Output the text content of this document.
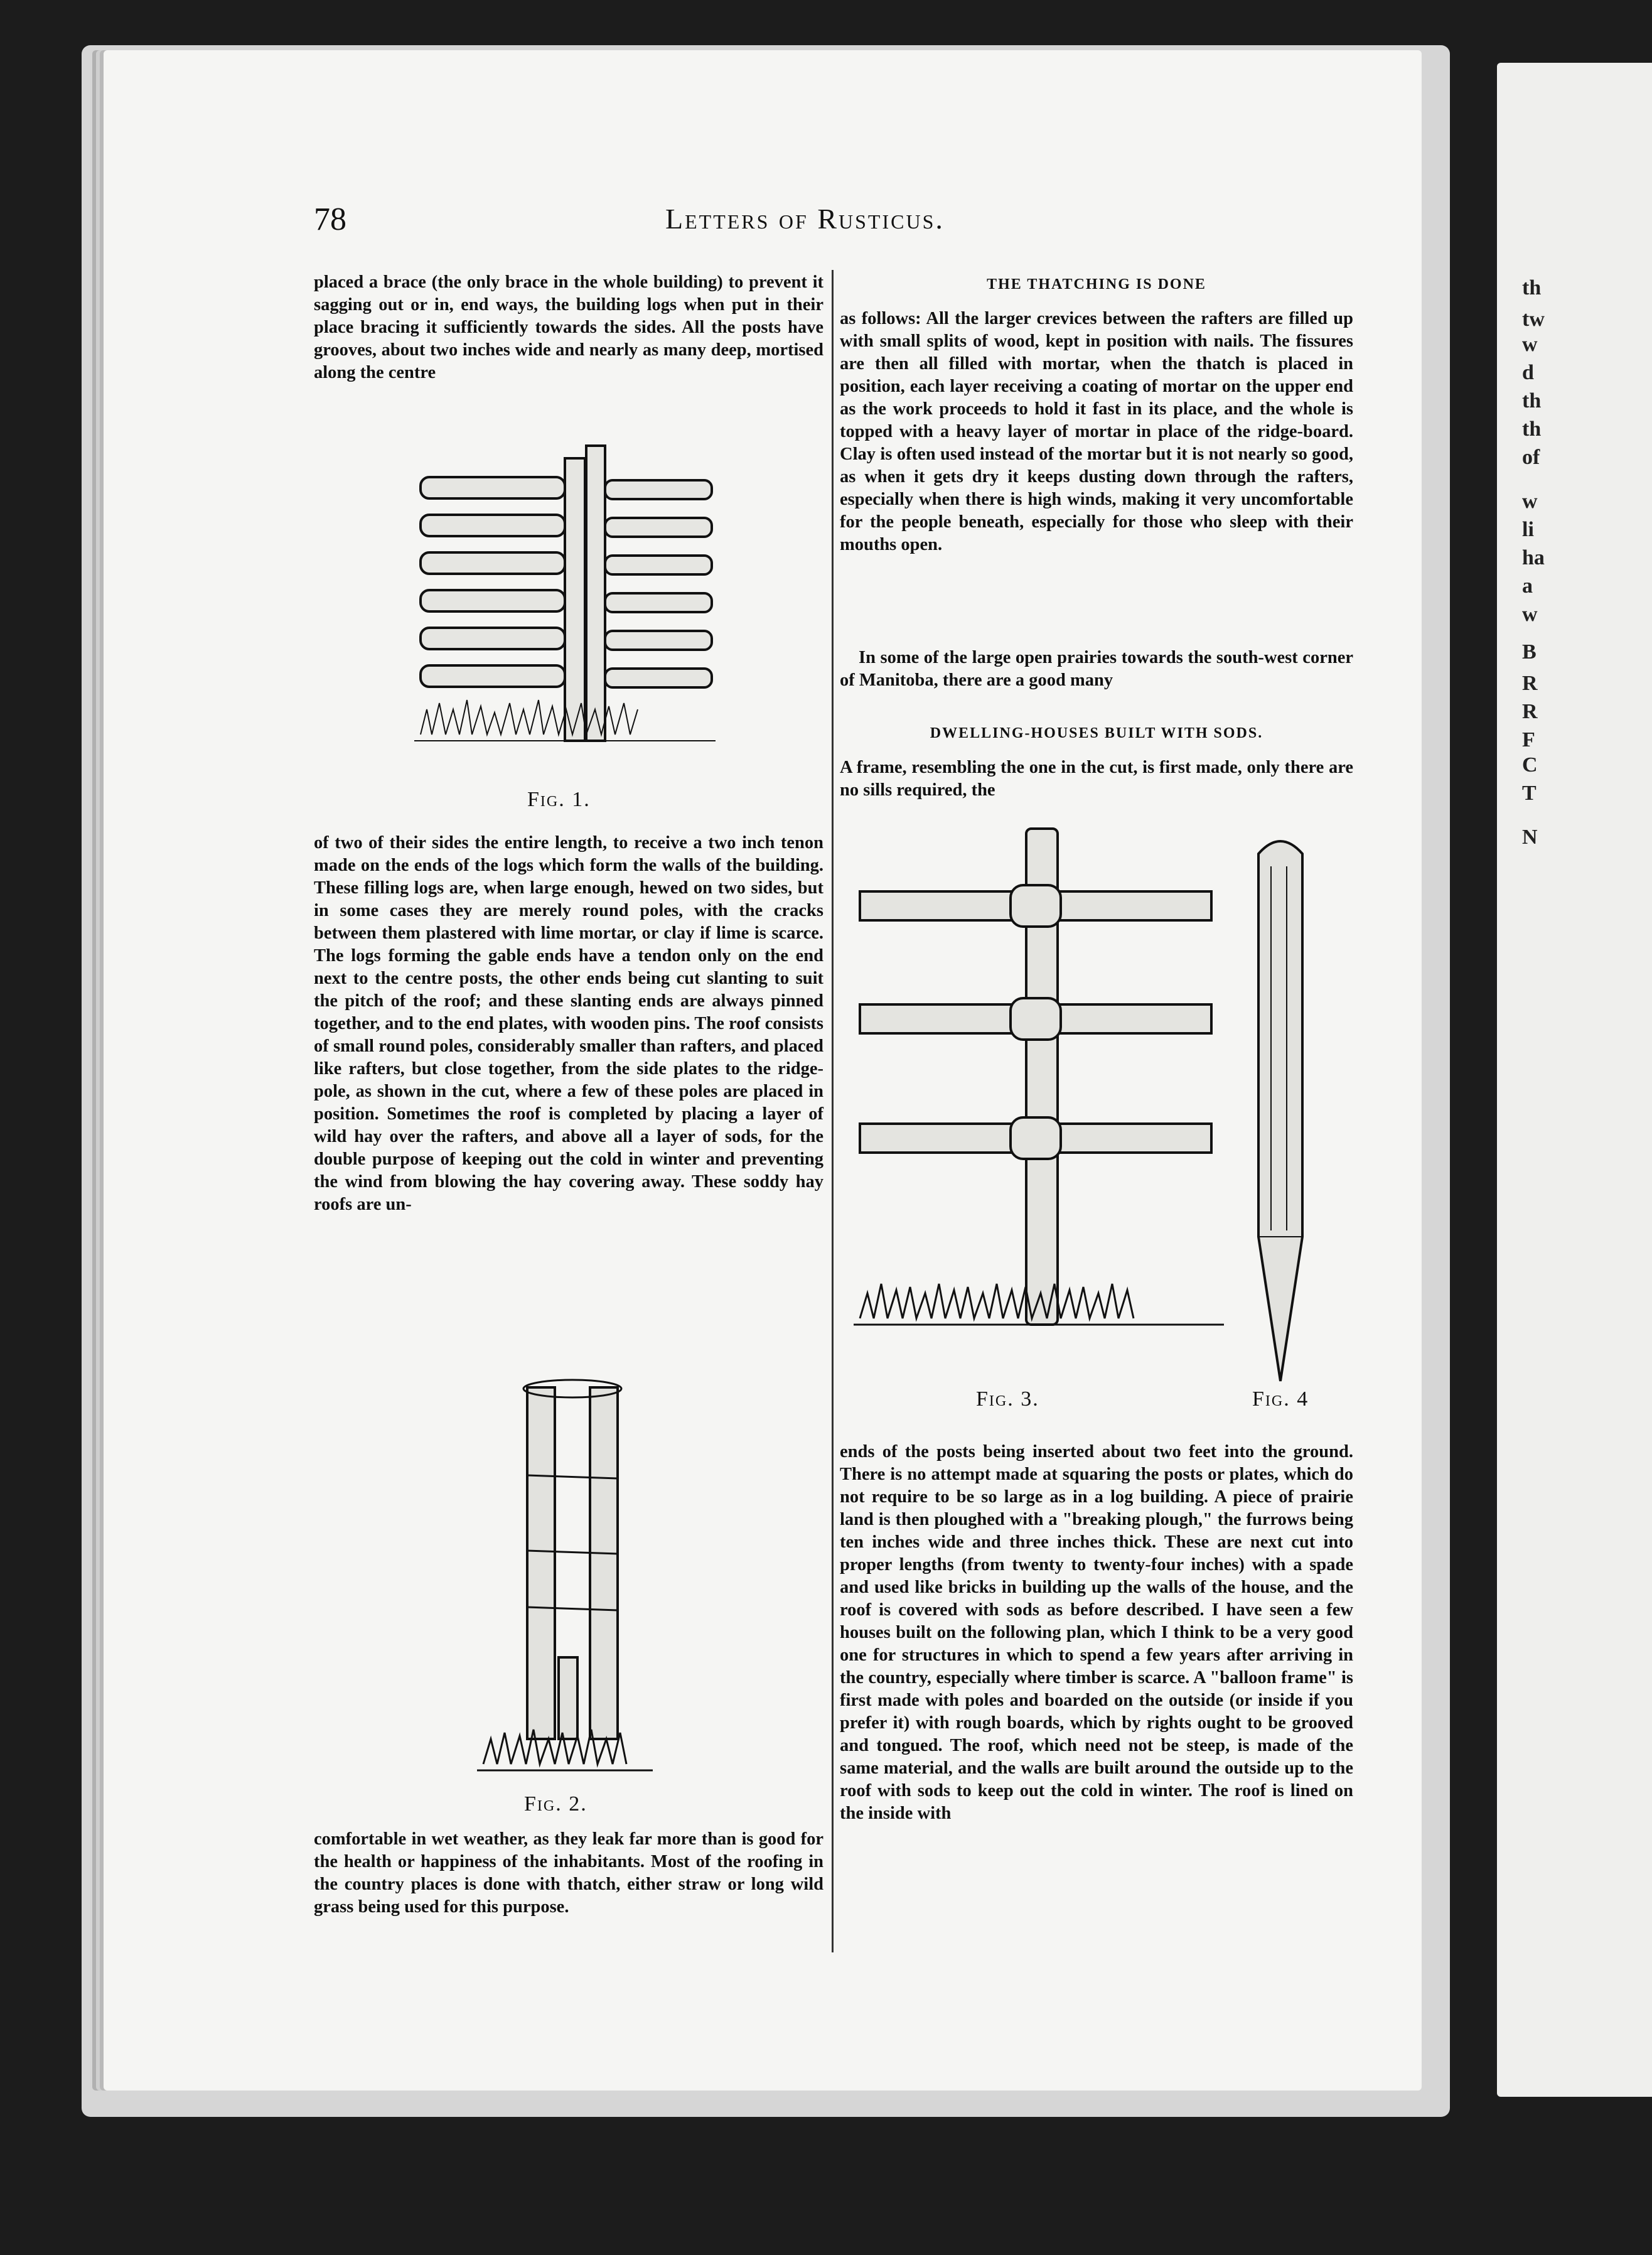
th
tw
w
d
th
th
of
w
li
ha
a
w
B
R
R
F
C
T
N
78	Letters of Rusticus.

placed a brace (the only brace in the whole building) to prevent it sagging out or in, end ways, the building logs when put in their place bracing it sufficiently towards the sides. All the posts have grooves, about two inches wide and nearly as many deep, mortised along the centre

Fig. 1.

of two of their sides the entire length, to receive a two inch tenon made on the ends of the logs which form the walls of the building. These filling logs are, when large enough, hewed on two sides, but in some cases they are merely round poles, with the cracks between them plastered with lime mortar, or clay if lime is scarce. The logs forming the gable ends have a tendon only on the end next to the centre posts, the other ends being cut slanting to suit the pitch of the roof; and these slanting ends are always pinned together, and to the end plates, with wooden pins. The roof consists of small round poles, considerably smaller than rafters, and placed like rafters, but close together, from the side plates to the ridge-pole, as shown in the cut, where a few of these poles are placed in position. Sometimes the roof is completed by placing a layer of wild hay over the rafters, and above all a layer of sods, for the double purpose of keeping out the cold in winter and preventing the wind from blowing the hay covering away. These soddy hay roofs are un-

Fig. 2.

comfortable in wet weather, as they leak far more than is good for the health or happiness of the inhabitants. Most of the roofing in the country places is done with thatch, either straw or long wild grass being used for this purpose.

THE THATCHING IS DONE

as follows: All the larger crevices between the rafters are filled up with small splits of wood, kept in position with nails. The fissures are then all filled with mortar, when the thatch is placed in position, each layer receiving a coating of mortar on the upper end as the work proceeds to hold it fast in its place, and the whole is topped with a heavy layer of mortar in place of the ridge-board. Clay is often used instead of the mortar but it is not nearly so good, as when it gets dry it keeps dusting down through the rafters, especially when there is high winds, making it very uncomfortable for the people beneath, especially for those who sleep with their mouths open.

In some of the large open prairies towards the south-west corner of Manitoba, there are a good many

DWELLING-HOUSES BUILT WITH SODS.

A frame, resembling the one in the cut, is first made, only there are no sills required, the

Fig. 3.	Fig. 4

ends of the posts being inserted about two feet into the ground. There is no attempt made at squaring the posts or plates, which do not require to be so large as in a log building. A piece of prairie land is then ploughed with a "breaking plough," the furrows being ten inches wide and three inches thick. These are next cut into proper lengths (from twenty to twenty-four inches) with a spade and used like bricks in building up the walls of the house, and the roof is covered with sods as before described. I have seen a few houses built on the following plan, which I think to be a very good one for structures in which to spend a few years after arriving in the country, especially where timber is scarce. A "balloon frame" is first made with poles and boarded on the outside (or inside if you prefer it) with rough boards, which by rights ought to be grooved and tongued. The roof, which need not be steep, is made of the same material, and the walls are built around the outside up to the roof with sods to keep out the cold in winter. The roof is lined on the inside with
